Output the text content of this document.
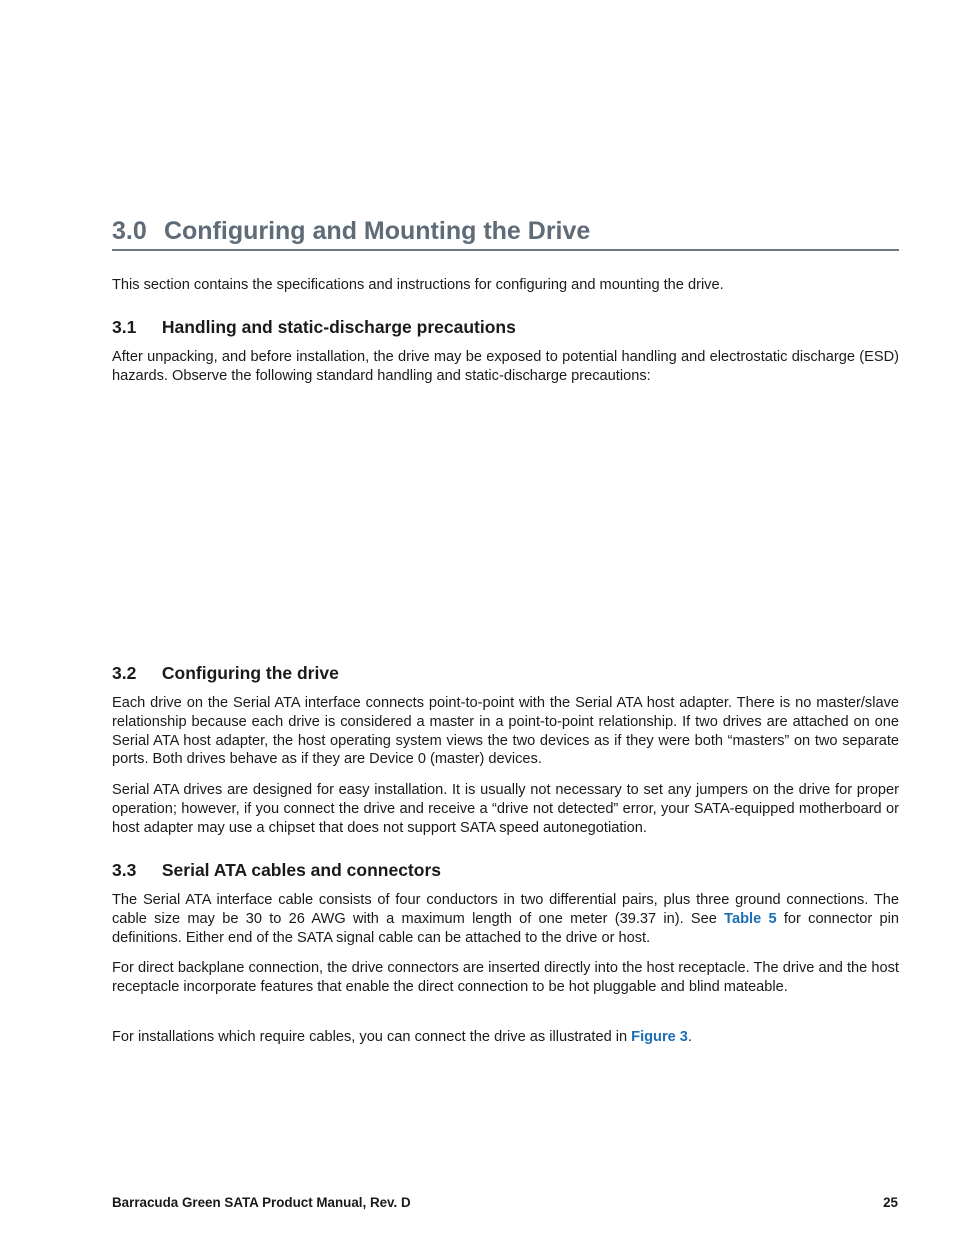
3.0 Configuring and Mounting the Drive

This section contains the specifications and instructions for configuring and mounting the drive.

3.1 Handling and static-discharge precautions

After unpacking, and before installation, the drive may be exposed to potential handling and electrostatic discharge (ESD) hazards. Observe the following standard handling and static-discharge precautions:

3.2 Configuring the drive

Each drive on the Serial ATA interface connects point-to-point with the Serial ATA host adapter. There is no master/slave relationship because each drive is considered a master in a point-to-point relationship. If two drives are attached on one Serial ATA host adapter, the host operating system views the two devices as if they were both “masters” on two separate ports. Both drives behave as if they are Device 0 (master) devices.

Serial ATA drives are designed for easy installation. It is usually not necessary to set any jumpers on the drive for proper operation; however, if you connect the drive and receive a “drive not detected” error, your SATA-equipped motherboard or host adapter may use a chipset that does not support SATA speed autonegotiation.

3.3 Serial ATA cables and connectors

The Serial ATA interface cable consists of four conductors in two differential pairs, plus three ground connections. The cable size may be 30 to 26 AWG with a maximum length of one meter (39.37 in). See Table 5 for connector pin definitions. Either end of the SATA signal cable can be attached to the drive or host.

For direct backplane connection, the drive connectors are inserted directly into the host receptacle. The drive and the host receptacle incorporate features that enable the direct connection to be hot pluggable and blind mateable.

For installations which require cables, you can connect the drive as illustrated in Figure 3.

Barracuda Green SATA Product Manual, Rev. D	25
